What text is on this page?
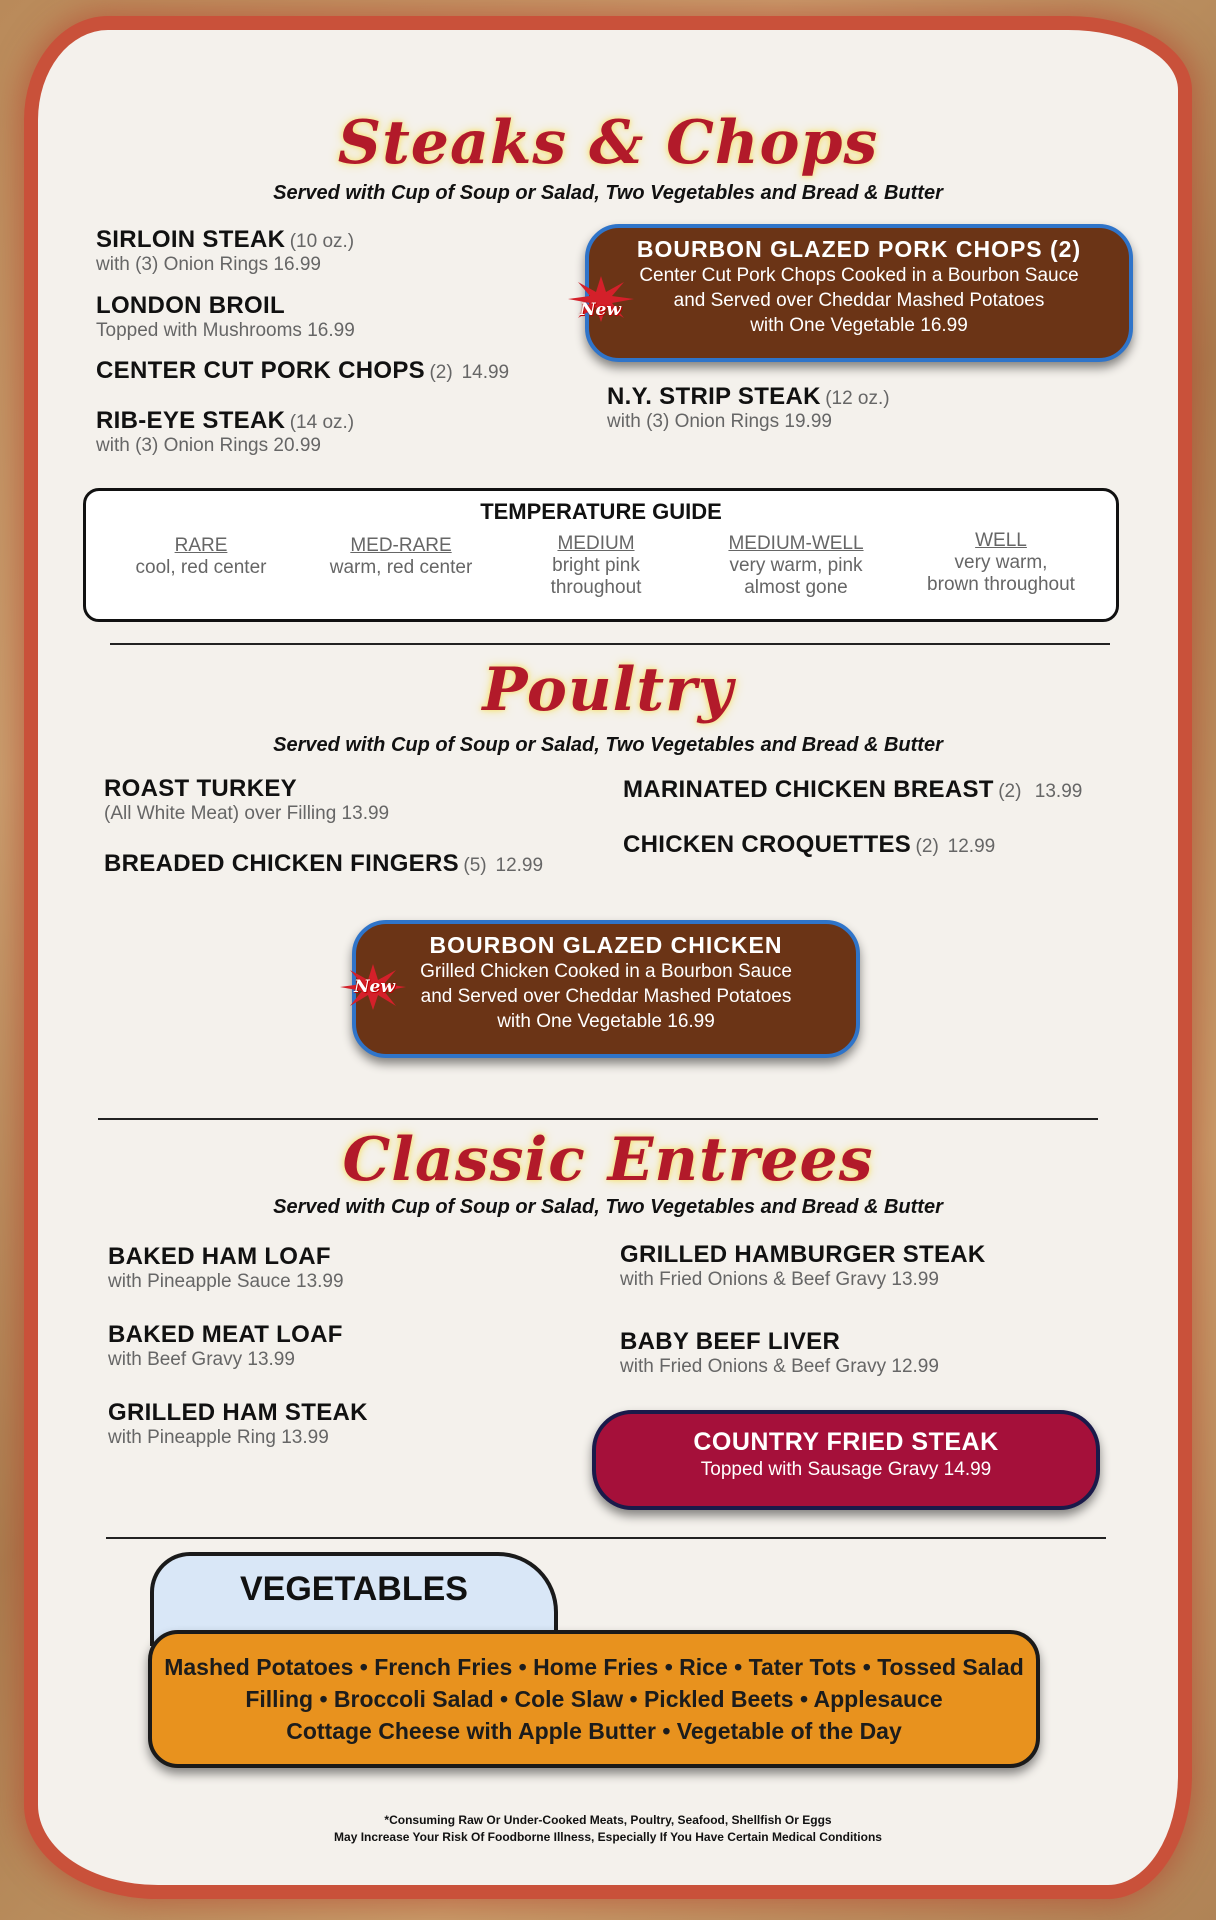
Steaks & Chops
Served with Cup of Soup or Salad, Two Vegetables and Bread & Butter
SIRLOIN STEAK (10 oz.)
with (3) Onion Rings 16.99
LONDON BROIL
Topped with Mushrooms 16.99
CENTER CUT PORK CHOPS (2) 14.99
RIB-EYE STEAK (14 oz.)
with (3) Onion Rings 20.99
BOURBON GLAZED PORK CHOPS (2)
Center Cut Pork Chops Cooked in a Bourbon Sauce
and Served over Cheddar Mashed Potatoes
with One Vegetable 16.99
New
N.Y. STRIP STEAK (12 oz.)
with (3) Onion Rings 19.99
TEMPERATURE GUIDE
RARE
cool, red center
MED-RARE
warm, red center
MEDIUM
bright pink
throughout
MEDIUM-WELL
very warm, pink
almost gone
WELL
very warm,
brown throughout
Poultry
Served with Cup of Soup or Salad, Two Vegetables and Bread & Butter
ROAST TURKEY
(All White Meat) over Filling 13.99
BREADED CHICKEN FINGERS (5) 12.99
MARINATED CHICKEN BREAST (2) 13.99
CHICKEN CROQUETTES (2) 12.99
BOURBON GLAZED CHICKEN
Grilled Chicken Cooked in a Bourbon Sauce
and Served over Cheddar Mashed Potatoes
with One Vegetable 16.99
New
Classic Entrees
Served with Cup of Soup or Salad, Two Vegetables and Bread & Butter
BAKED HAM LOAF
with Pineapple Sauce 13.99
BAKED MEAT LOAF
with Beef Gravy 13.99
GRILLED HAM STEAK
with Pineapple Ring 13.99
GRILLED HAMBURGER STEAK
with Fried Onions & Beef Gravy 13.99
BABY BEEF LIVER
with Fried Onions & Beef Gravy 12.99
COUNTRY FRIED STEAK
Topped with Sausage Gravy 14.99
VEGETABLES
Mashed Potatoes • French Fries • Home Fries • Rice • Tater Tots • Tossed Salad
Filling • Broccoli Salad • Cole Slaw • Pickled Beets • Applesauce
Cottage Cheese with Apple Butter • Vegetable of the Day
*Consuming Raw Or Under-Cooked Meats, Poultry, Seafood, Shellfish Or Eggs
May Increase Your Risk Of Foodborne Illness, Especially If You Have Certain Medical Conditions
